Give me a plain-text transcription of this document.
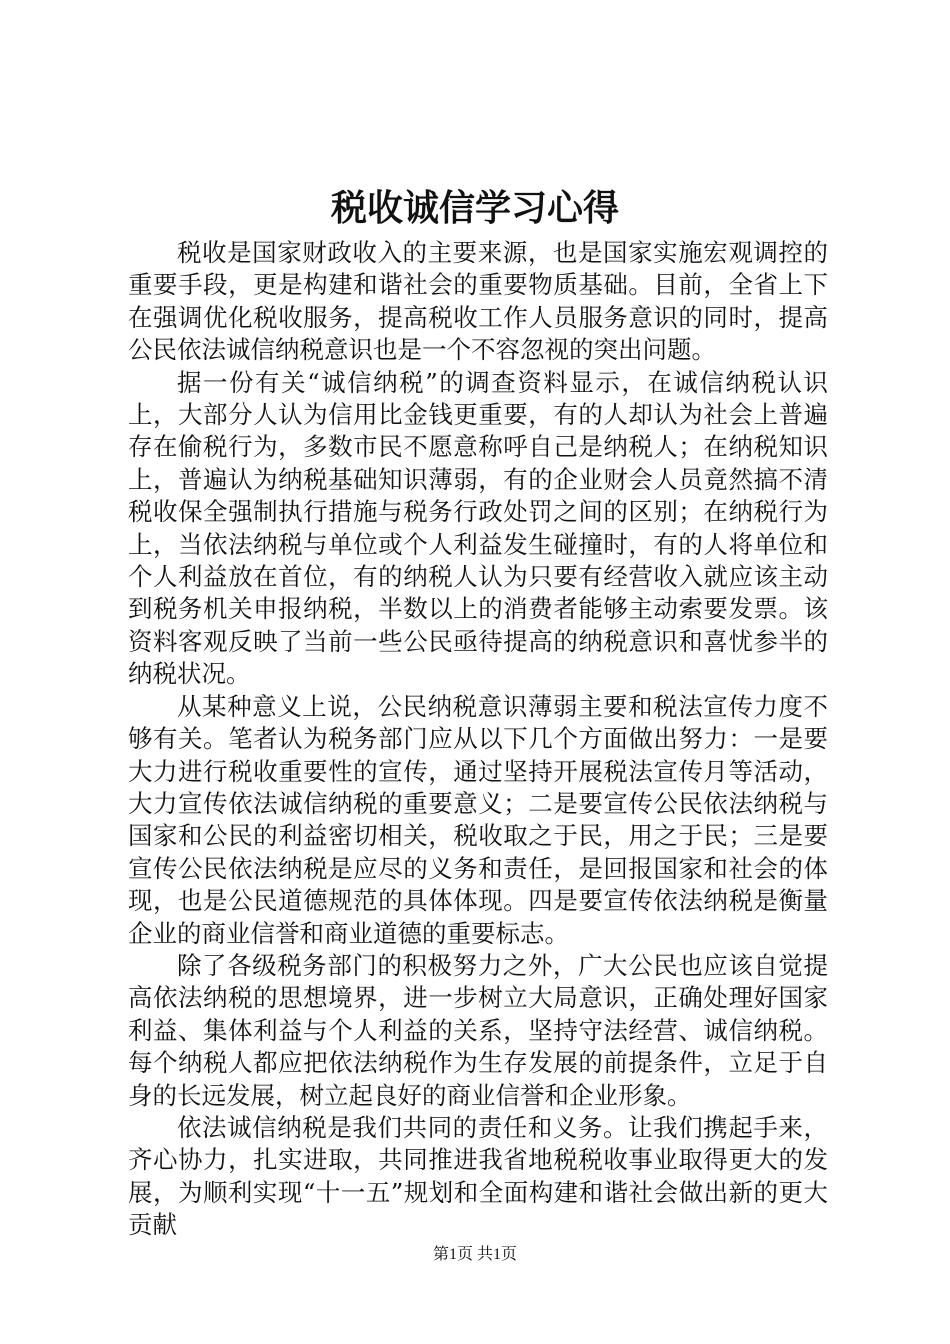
税收诚信学习心得

税收是国家财政收入的主要来源，也是国家实施宏观调控的重要手段，更是构建和谐社会的重要物质基础。目前，全省上下在强调优化税收服务，提高税收工作人员服务意识的同时，提高公民依法诚信纳税意识也是一个不容忽视的突出问题。

据一份有关“诚信纳税”的调查资料显示，在诚信纳税认识上，大部分人认为信用比金钱更重要，有的人却认为社会上普遍存在偷税行为，多数市民不愿意称呼自己是纳税人；在纳税知识上，普遍认为纳税基础知识薄弱，有的企业财会人员竟然搞不清税收保全强制执行措施与税务行政处罚之间的区别；在纳税行为上，当依法纳税与单位或个人利益发生碰撞时，有的人将单位和个人利益放在首位，有的纳税人认为只要有经营收入就应该主动到税务机关申报纳税，半数以上的消费者能够主动索要发票。该资料客观反映了当前一些公民亟待提高的纳税意识和喜忧参半的纳税状况。

从某种意义上说，公民纳税意识薄弱主要和税法宣传力度不够有关。笔者认为税务部门应从以下几个方面做出努力：一是要大力进行税收重要性的宣传，通过坚持开展税法宣传月等活动，大力宣传依法诚信纳税的重要意义；二是要宣传公民依法纳税与国家和公民的利益密切相关，税收取之于民，用之于民；三是要宣传公民依法纳税是应尽的义务和责任，是回报国家和社会的体现，也是公民道德规范的具体体现。四是要宣传依法纳税是衡量企业的商业信誉和商业道德的重要标志。

除了各级税务部门的积极努力之外，广大公民也应该自觉提高依法纳税的思想境界，进一步树立大局意识，正确处理好国家利益、集体利益与个人利益的关系，坚持守法经营、诚信纳税。每个纳税人都应把依法纳税作为生存发展的前提条件，立足于自身的长远发展，树立起良好的商业信誉和企业形象。

依法诚信纳税是我们共同的责任和义务。让我们携起手来，齐心协力，扎实进取，共同推进我省地税税收事业取得更大的发展，为顺利实现“十一五”规划和全面构建和谐社会做出新的更大贡献

第1页 共1页
